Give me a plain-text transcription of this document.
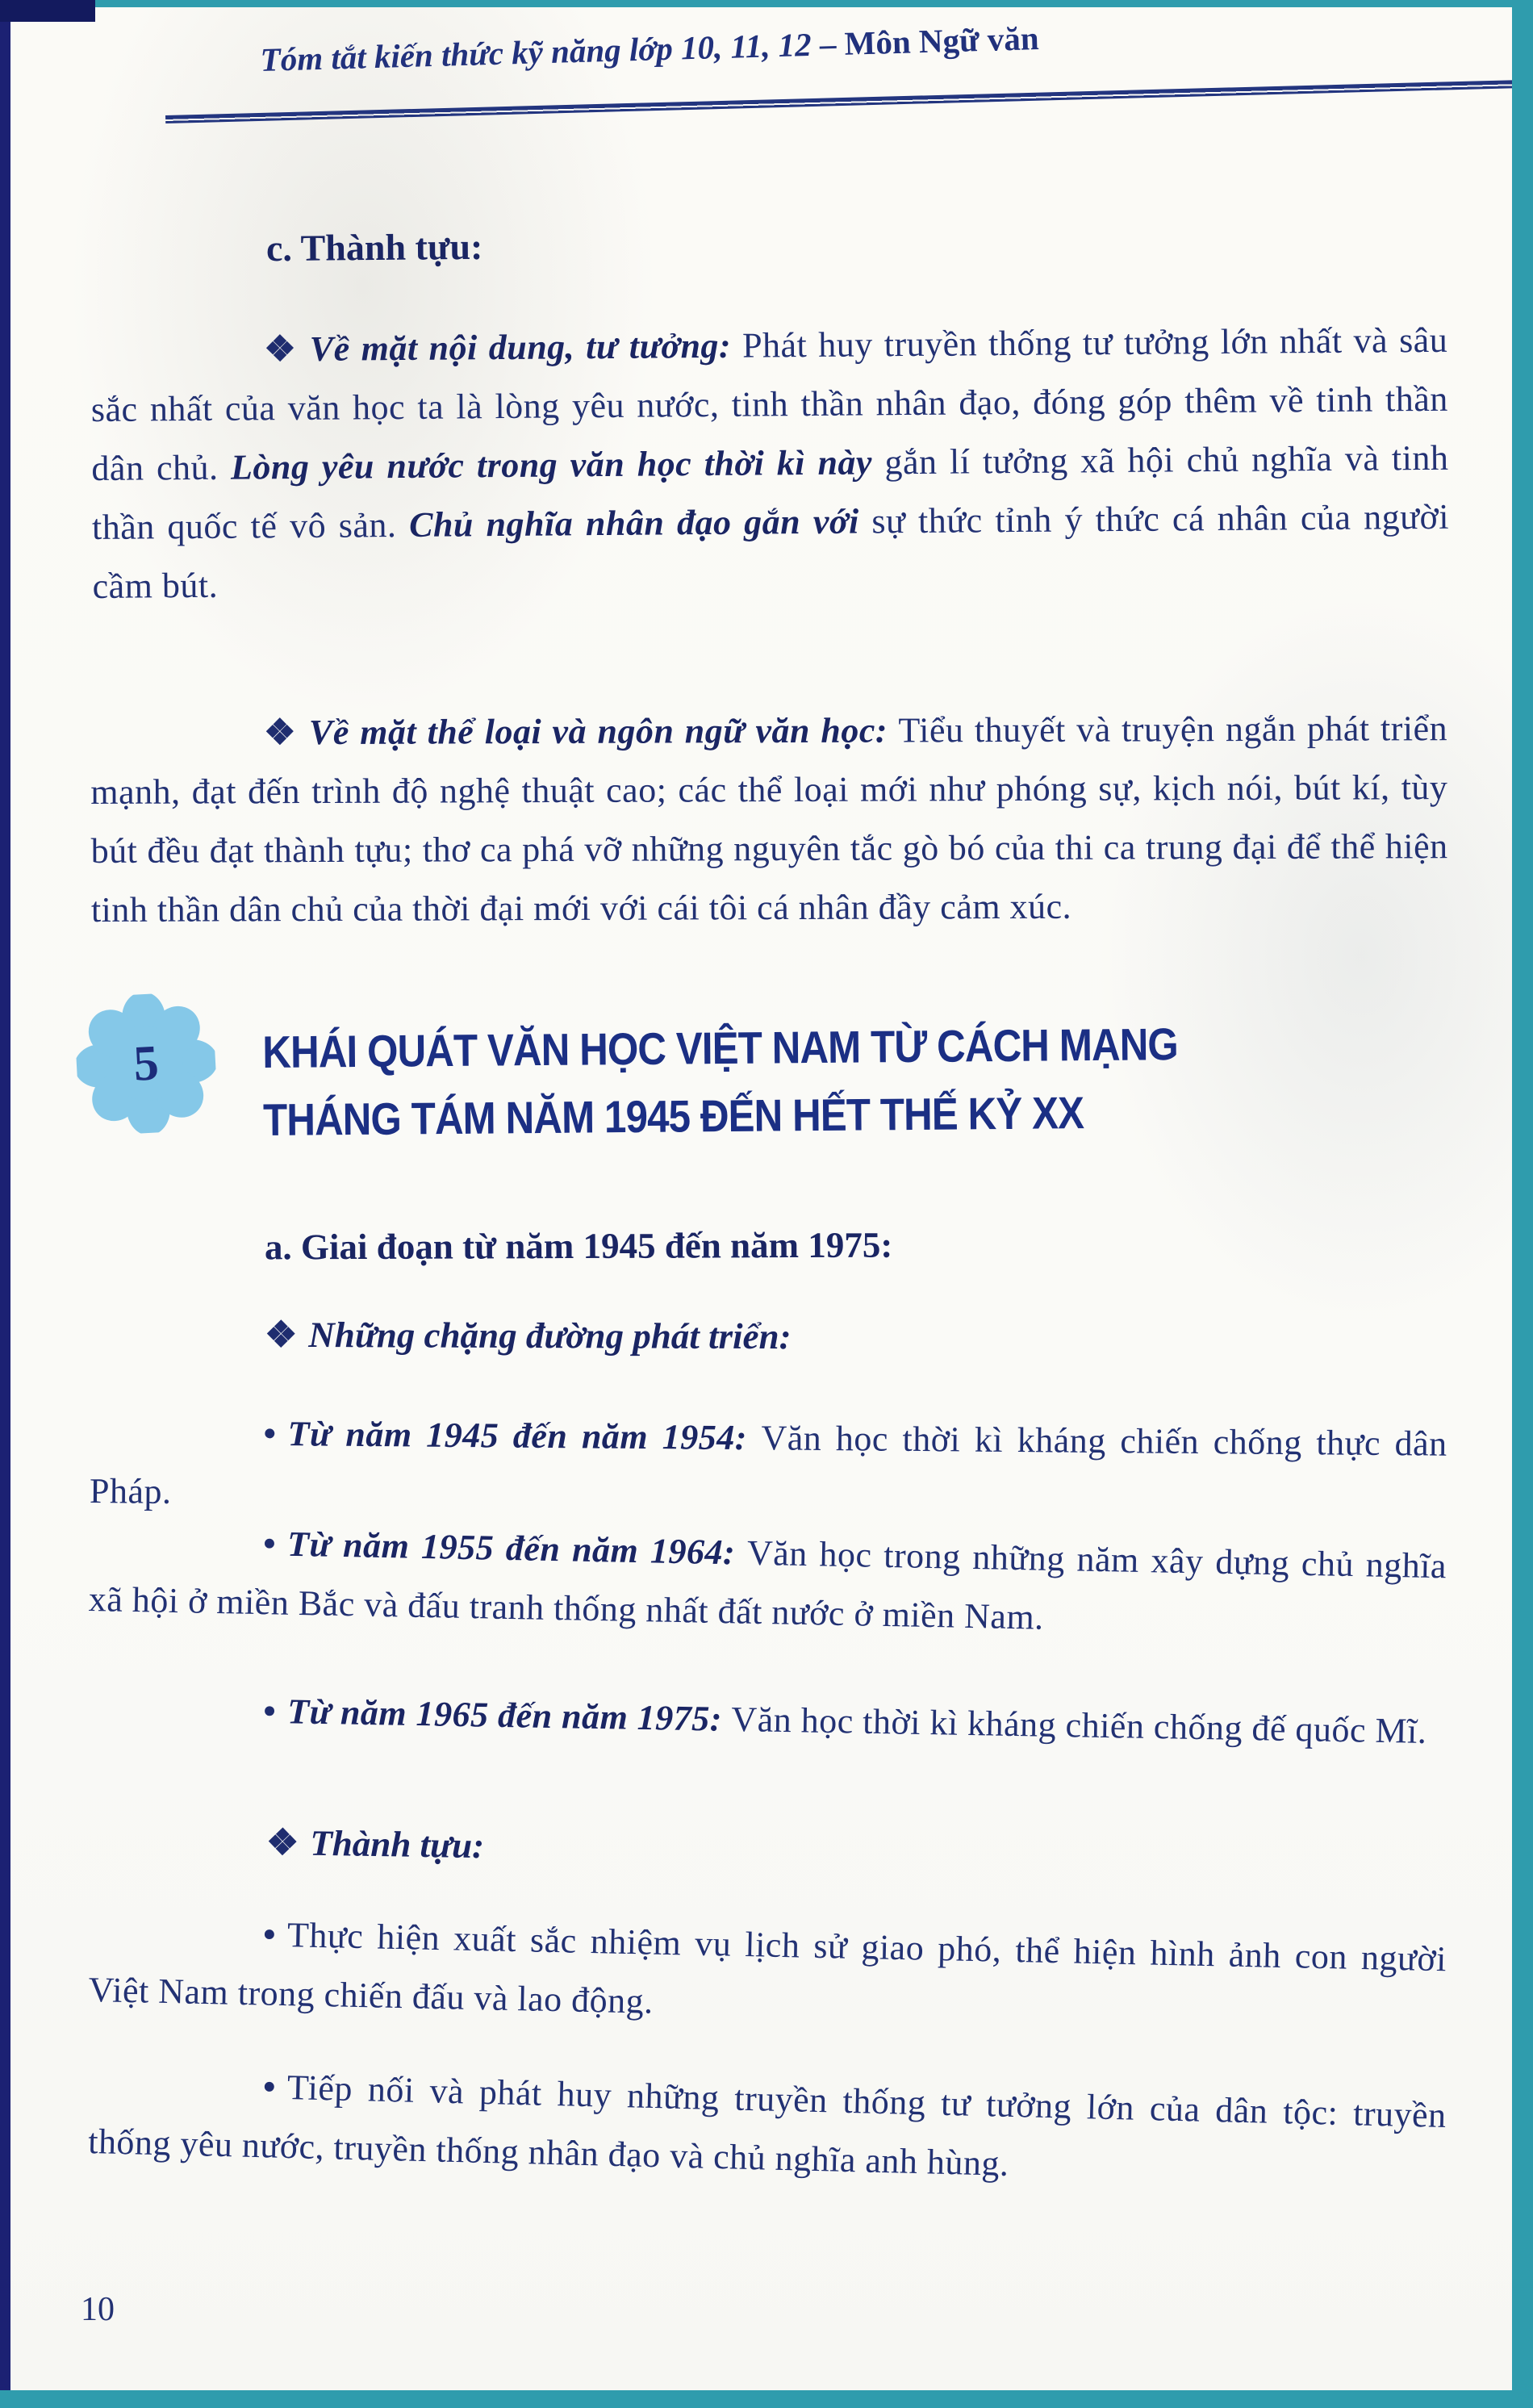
Tóm tắt kiến thức kỹ năng lớp 10, 11, 12 – Môn Ngữ văn
c. Thành tựu:
❖ Về mặt nội dung, tư tưởng: Phát huy truyền thống tư tưởng lớn nhất và sâu sắc nhất của văn học ta là lòng yêu nước, tinh thần nhân đạo, đóng góp thêm về tinh thần dân chủ. Lòng yêu nước trong văn học thời kì này gắn lí tưởng xã hội chủ nghĩa và tinh thần quốc tế vô sản. Chủ nghĩa nhân đạo gắn với sự thức tỉnh ý thức cá nhân của người cầm bút.
❖ Về mặt thể loại và ngôn ngữ văn học: Tiểu thuyết và truyện ngắn phát triển mạnh, đạt đến trình độ nghệ thuật cao; các thể loại mới như phóng sự, kịch nói, bút kí, tùy bút đều đạt thành tựu; thơ ca phá vỡ những nguyên tắc gò bó của thi ca trung đại để thể hiện tinh thần dân chủ của thời đại mới với cái tôi cá nhân đầy cảm xúc.
5	KHÁI QUÁT VĂN HỌC VIỆT NAM TỪ CÁCH MẠNG
THÁNG TÁM NĂM 1945 ĐẾN HẾT THẾ KỶ XX
a. Giai đoạn từ năm 1945 đến năm 1975:
❖ Những chặng đường phát triển:
• Từ năm 1945 đến năm 1954: Văn học thời kì kháng chiến chống thực dân Pháp.
• Từ năm 1955 đến năm 1964: Văn học trong những năm xây dựng chủ nghĩa xã hội ở miền Bắc và đấu tranh thống nhất đất nước ở miền Nam.
• Từ năm 1965 đến năm 1975: Văn học thời kì kháng chiến chống đế quốc Mĩ.
❖ Thành tựu:
• Thực hiện xuất sắc nhiệm vụ lịch sử giao phó, thể hiện hình ảnh con người Việt Nam trong chiến đấu và lao động.
• Tiếp nối và phát huy những truyền thống tư tưởng lớn của dân tộc: truyền thống yêu nước, truyền thống nhân đạo và chủ nghĩa anh hùng.
10
